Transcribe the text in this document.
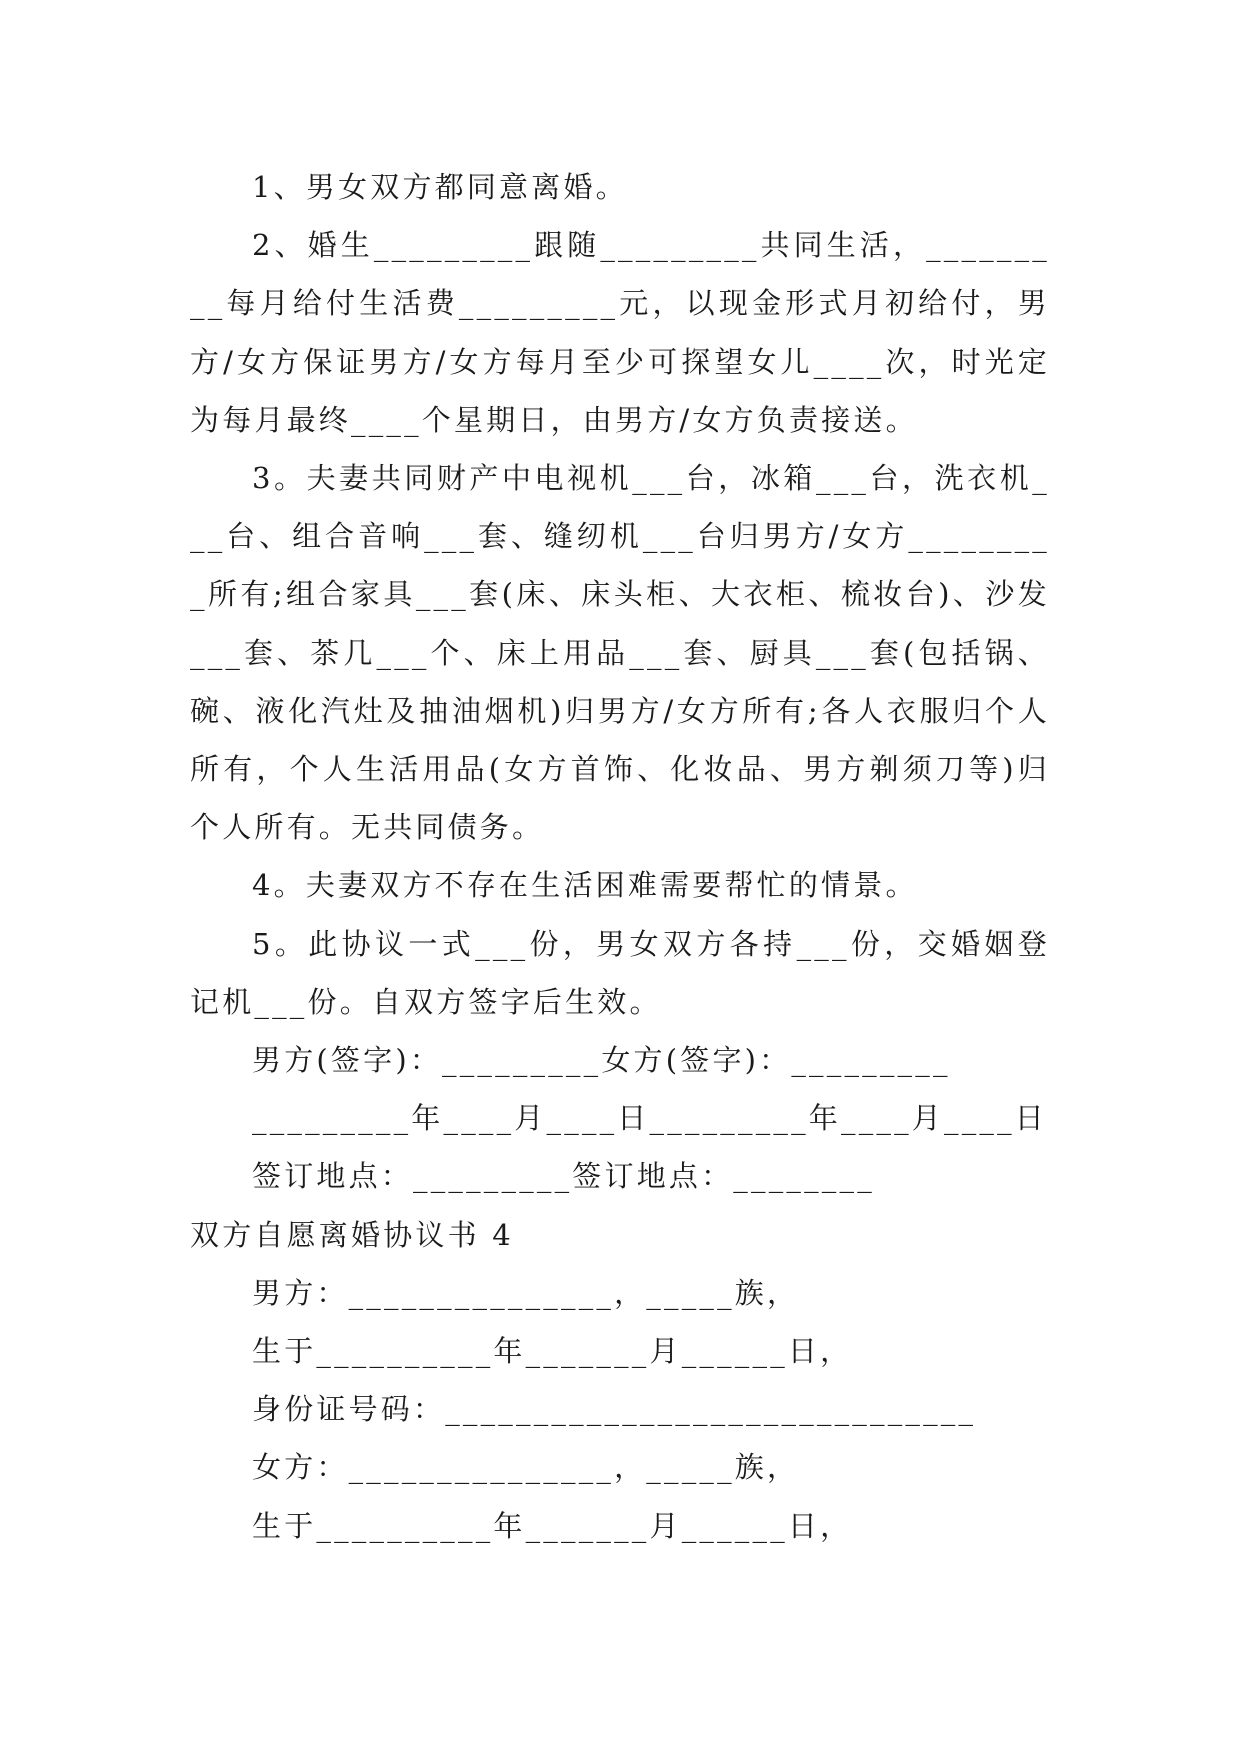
1、男女双方都同意离婚。

2、婚生_________跟随_________共同生活，_________每月给付生活费_________元，以现金形式月初给付，男方/女方保证男方/女方每月至少可探望女儿____次，时光定为每月最终____个星期日，由男方/女方负责接送。

3。夫妻共同财产中电视机___台，冰箱___台，洗衣机___台、组合音响___套、缝纫机___台归男方/女方_________所有;组合家具___套(床、床头柜、大衣柜、梳妆台)、沙发___套、茶几___个、床上用品___套、厨具___套(包括锅、碗、液化汽灶及抽油烟机)归男方/女方所有;各人衣服归个人所有，个人生活用品(女方首饰、化妆品、男方剃须刀等)归个人所有。无共同债务。

4。夫妻双方不存在生活困难需要帮忙的情景。

5。此协议一式___份，男女双方各持___份，交婚姻登记机___份。自双方签字后生效。

男方(签字)：_________女方(签字)：_________

_________年____月____日_________年____月____日

签订地点：_________签订地点：________

双方自愿离婚协议书 4

男方：_______________，_____族，

生于__________年_______月______日，

身份证号码：______________________________

女方：_______________，_____族，

生于__________年_______月______日，
